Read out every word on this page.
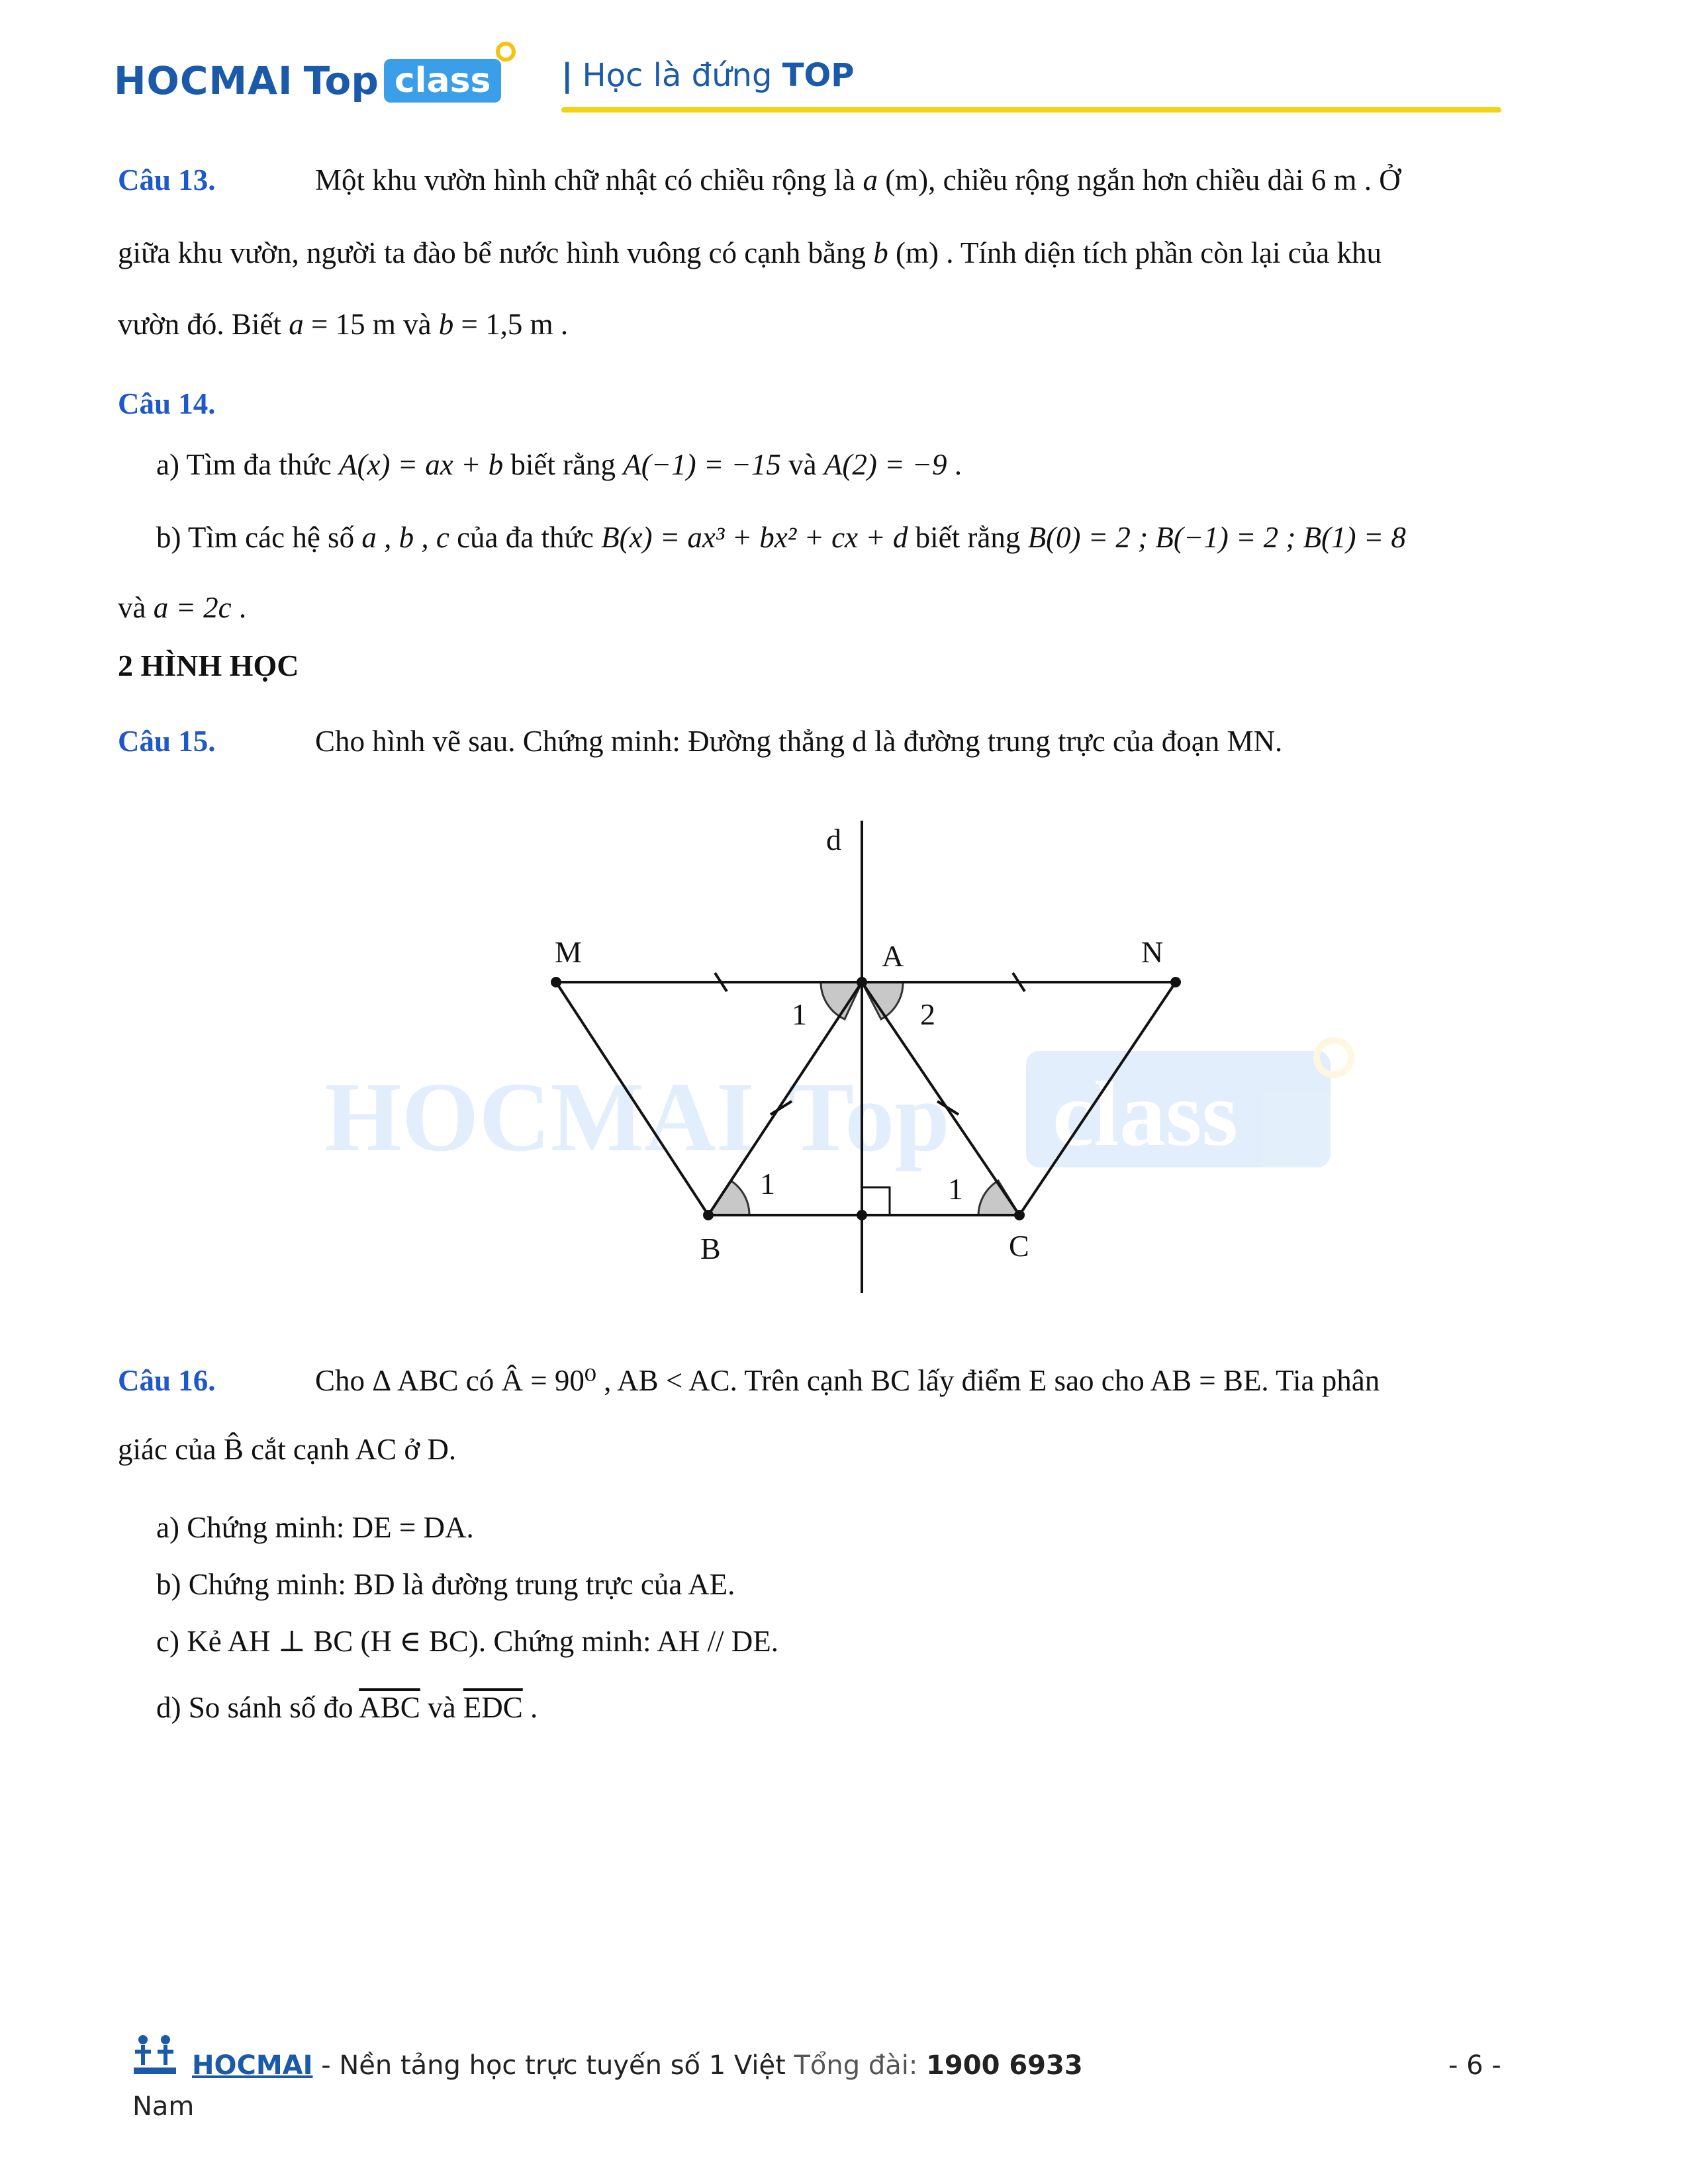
HOCMAI Top class	| Học là đứng TOP
Câu 13.	Một khu vườn hình chữ nhật có chiều rộng là a (m), chiều rộng ngắn hơn chiều dài 6 m . Ở
giữa khu vườn, người ta đào bể nước hình vuông có cạnh bằng b (m) . Tính diện tích phần còn lại của khu
vườn đó. Biết a = 15 m và b = 1,5 m .
Câu 14.
a) Tìm đa thức A(x) = ax + b biết rằng A(−1) = −15 và A(2) = −9 .
b) Tìm các hệ số a , b , c của đa thức B(x) = ax³ + bx² + cx + d biết rằng B(0) = 2 ; B(−1) = 2 ; B(1) = 8
và a = 2c .
2 HÌNH HỌC
Câu 15.	Cho hình vẽ sau. Chứng minh: Đường thẳng d là đường trung trực của đoạn MN.
HOCMAI Top class
d
M	A	N
B	C
1	2
1	1
Câu 16.	Cho Δ ABC có Â = 90⁰ , AB < AC. Trên cạnh BC lấy điểm E sao cho AB = BE. Tia phân
giác của B̂ cắt cạnh AC ở D.
a) Chứng minh: DE = DA.
b) Chứng minh: BD là đường trung trực của AE.
c) Kẻ AH ⊥ BC (H ∈ BC). Chứng minh: AH // DE.
d) So sánh số đo $\overline{ABC}$ và $\overline{EDC}$ .
HOCMAI - Nền tảng học trực tuyến số 1 Việt Tổng đài: 1900 6933
Nam
- 6 -
